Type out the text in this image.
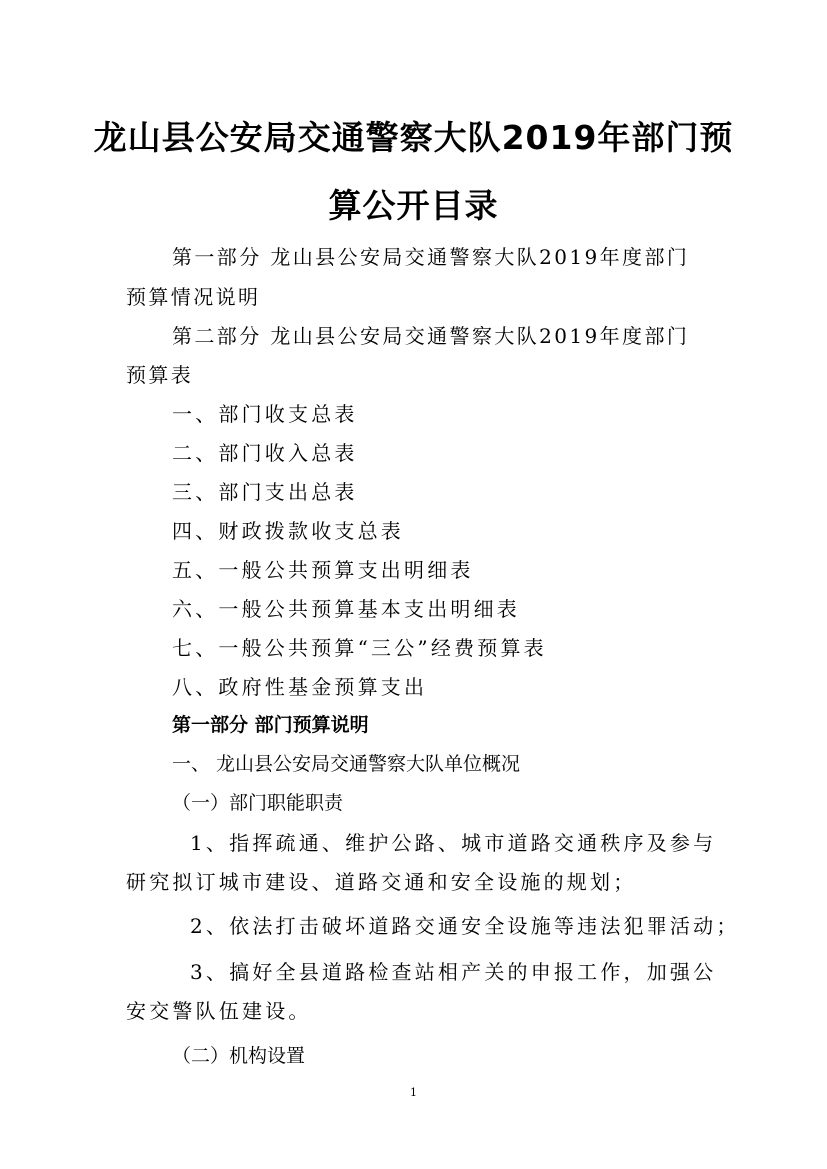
龙山县公安局交通警察大队2019年部门预
算公开目录
第一部分 龙山县公安局交通警察大队2019年度部门
预算情况说明
第二部分 龙山县公安局交通警察大队2019年度部门
预算表
一、部门收支总表
二、部门收入总表
三、部门支出总表
四、财政拨款收支总表
五、一般公共预算支出明细表
六、一般公共预算基本支出明细表
七、一般公共预算“三公”经费预算表
八、政府性基金预算支出
第一部分 部门预算说明
一、 龙山县公安局交通警察大队单位概况
（一）部门职能职责
1、指挥疏通、维护公路、城市道路交通秩序及参与
研究拟订城市建设、道路交通和安全设施的规划；
2、依法打击破坏道路交通安全设施等违法犯罪活动；
3、搞好全县道路检查站相产关的申报工作，加强公
安交警队伍建设。
（二）机构设置
1
